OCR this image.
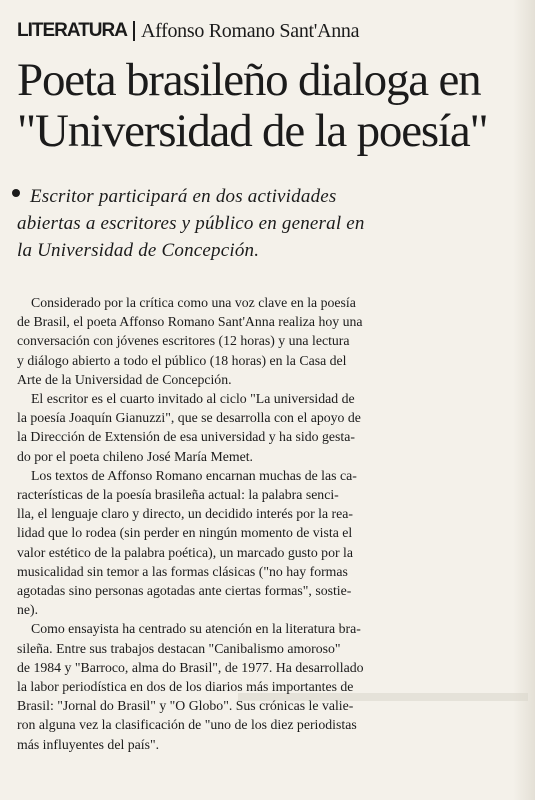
LITERATURA Affonso Romano Sant'Anna
Poeta brasileño dialoga en
"Universidad de la poesía"

Escritor participará en dos actividades
abiertas a escritores y público en general en
la Universidad de Concepción.

Considerado por la crítica como una voz clave en la poesía
de Brasil, el poeta Affonso Romano Sant'Anna realiza hoy una
conversación con jóvenes escritores (12 horas) y una lectura
y diálogo abierto a todo el público (18 horas) en la Casa del
Arte de la Universidad de Concepción.
El escritor es el cuarto invitado al ciclo "La universidad de
la poesía Joaquín Gianuzzi", que se desarrolla con el apoyo de
la Dirección de Extensión de esa universidad y ha sido gesta-
do por el poeta chileno José María Memet.
Los textos de Affonso Romano encarnan muchas de las ca-
racterísticas de la poesía brasileña actual: la palabra senci-
lla, el lenguaje claro y directo, un decidido interés por la rea-
lidad que lo rodea (sin perder en ningún momento de vista el
valor estético de la palabra poética), un marcado gusto por la
musicalidad sin temor a las formas clásicas ("no hay formas
agotadas sino personas agotadas ante ciertas formas", sostie-
ne).
Como ensayista ha centrado su atención en la literatura bra-
sileña. Entre sus trabajos destacan "Canibalismo amoroso"
de 1984 y "Barroco, alma do Brasil", de 1977. Ha desarrollado
la labor periodística en dos de los diarios más importantes de
Brasil: "Jornal do Brasil" y "O Globo". Sus crónicas le valie-
ron alguna vez la clasificación de "uno de los diez periodistas
más influyentes del país".
